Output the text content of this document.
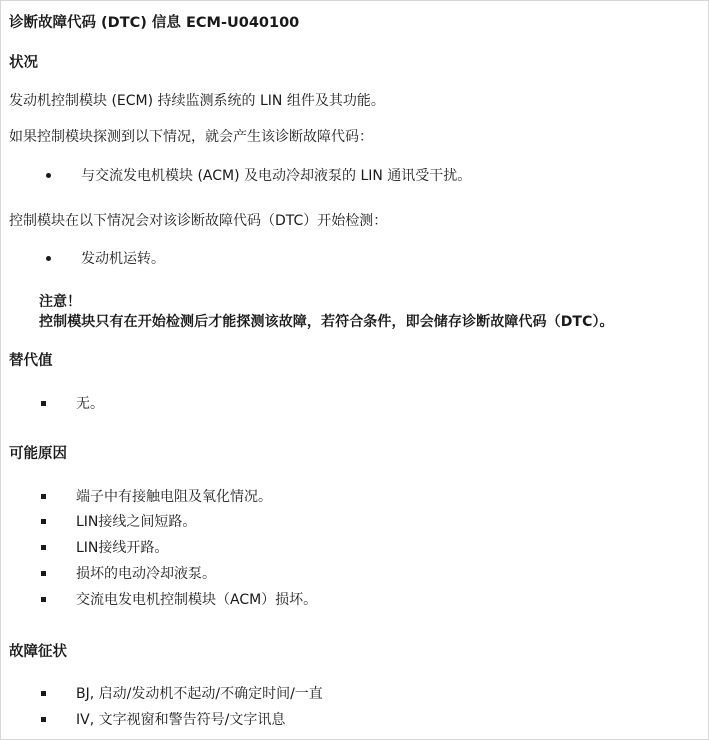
诊断故障代码 (DTC) 信息 ECM-U040100
状况
发动机控制模块 (ECM) 持续监测系统的 LIN 组件及其功能。
如果控制模块探测到以下情况，就会产生该诊断故障代码：
与交流发电机模块 (ACM) 及电动冷却液泵的 LIN 通讯受干扰。
控制模块在以下情况会对该诊断故障代码（DTC）开始检测：
发动机运转。
注意！
控制模块只有在开始检测后才能探测该故障，若符合条件，即会储存诊断故障代码（DTC）。
替代值
无。
可能原因
端子中有接触电阻及氧化情况。
LIN接线之间短路。
LIN接线开路。
损坏的电动冷却液泵。
交流电发电机控制模块（ACM）损坏。
故障征状
BJ, 启动/发动机不起动/不确定时间/一直
IV, 文字视窗和警告符号/文字讯息
